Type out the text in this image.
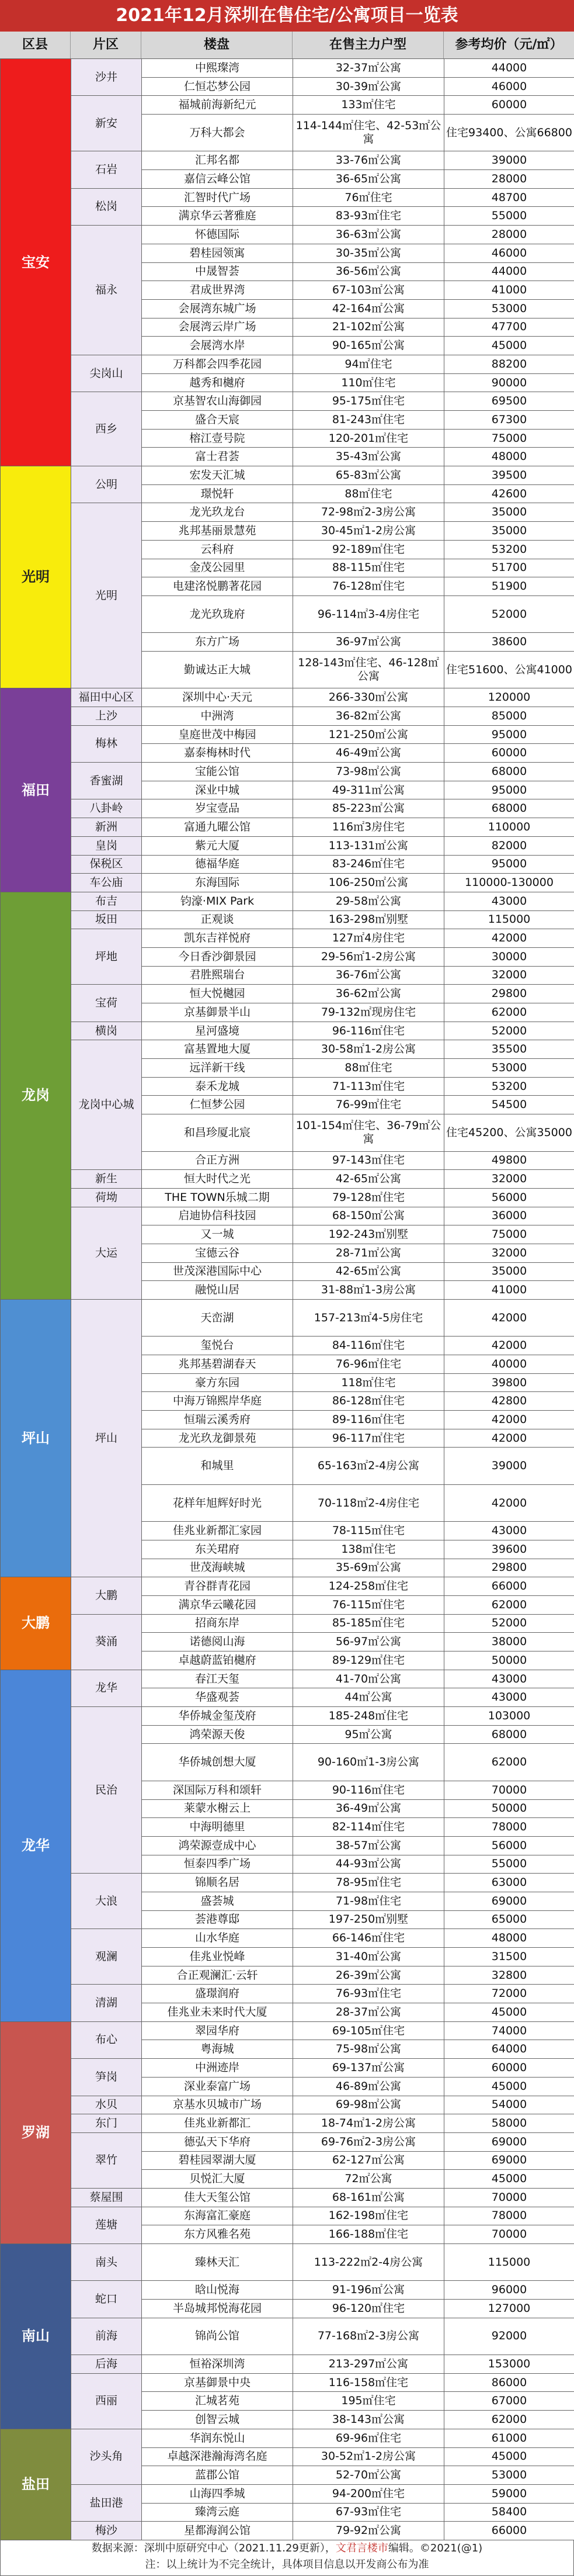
2021年12月深圳在售住宅/公寓项目一览表
区县	片区	楼盘	在售主力户型	参考均价（元/㎡）
宝安	沙井	中熙璨湾	32-37㎡公寓	44000
		仁恒芯梦公园	30-39㎡公寓	46000
	新安	福城前海新纪元	133㎡住宅	60000
		万科大都会	114-144㎡住宅、42-53㎡公寓	住宅93400、公寓66800
	石岩	汇邦名都	33-76㎡公寓	39000
		嘉信云峰公馆	36-65㎡公寓	28000
	松岗	汇智时代广场	76㎡住宅	48700
		满京华云著雅庭	83-93㎡住宅	55000
	福永	怀德国际	36-63㎡公寓	28000
		碧桂园领寓	30-35㎡公寓	46000
		中晟智荟	36-56㎡公寓	44000
		君成世界湾	67-103㎡公寓	41000
		会展湾东城广场	42-164㎡公寓	53000
		会展湾云岸广场	21-102㎡公寓	47700
		会展湾水岸	90-165㎡公寓	45000
	尖岗山	万科都会四季花园	94㎡住宅	88200
		越秀和樾府	110㎡住宅	90000
	西乡	京基智农山海御园	95-175㎡住宅	69500
		盛合天宸	81-243㎡住宅	67300
		榕江壹号院	120-201㎡住宅	75000
		富士君荟	35-43㎡公寓	48000
光明	公明	宏发天汇城	65-83㎡公寓	39500
		璟悦轩	88㎡住宅	42600
	光明	龙光玖龙台	72-98㎡2-3房公寓	35000
		兆邦基丽景慧苑	30-45㎡1-2房公寓	35000
		云科府	92-189㎡住宅	53200
		金茂公园里	88-115㎡住宅	51700
		电建洺悦鹏著花园	76-128㎡住宅	51900
		龙光玖珑府	96-114㎡3-4房住宅	52000
		东方广场	36-97㎡公寓	38600
		勤诚达正大城	128-143㎡住宅、46-128㎡公寓	住宅51600、公寓41000
福田	福田中心区	深圳中心·天元	266-330㎡公寓	120000
	上沙	中洲湾	36-82㎡公寓	85000
	梅林	皇庭世茂中梅园	121-250㎡公寓	95000
		嘉泰梅林时代	46-49㎡公寓	60000
	香蜜湖	宝能公馆	73-98㎡公寓	68000
		深业中城	49-311㎡公寓	95000
	八卦岭	岁宝壹品	85-223㎡公寓	68000
	新洲	富通九曜公馆	116㎡3房住宅	110000
	皇岗	紫元大厦	113-131㎡公寓	82000
	保税区	德福华庭	83-246㎡住宅	95000
	车公庙	东海国际	106-250㎡公寓	110000-130000
龙岗	布吉	钧濠·MIX Park	29-58㎡公寓	43000
	坂田	正观谈	163-298㎡别墅	115000
	坪地	凯东吉祥悦府	127㎡4房住宅	42000
		今日香沙御景园	29-56㎡1-2房公寓	30000
		君胜熙瑞台	36-76㎡公寓	32000
	宝荷	恒大悦樾园	36-62㎡公寓	29800
		京基御景半山	79-132㎡现房住宅	62000
	横岗	星河盛境	96-116㎡住宅	52000
	龙岗中心城	富基置地大厦	30-58㎡1-2房公寓	35500
		远洋新干线	88㎡住宅	53000
		泰禾龙城	71-113㎡住宅	53200
		仁恒梦公园	76-99㎡住宅	54500
		和昌珍厦北宸	101-154㎡住宅、36-79㎡公寓	住宅45200、公寓35000
		合正方洲	97-143㎡住宅	49800
	新生	恒大时代之光	42-65㎡公寓	32000
	荷坳	THE TOWN乐城二期	79-128㎡住宅	56000
	大运	启迪协信科技园	68-150㎡公寓	36000
		又一城	192-243㎡别墅	75000
		宝德云谷	28-71㎡公寓	32000
		世茂深港国际中心	42-65㎡公寓	35000
		融悦山居	31-88㎡1-3房公寓	41000
坪山	坪山	天峦湖	157-213㎡4-5房住宅	42000
		玺悦台	84-116㎡住宅	42000
		兆邦基碧湖春天	76-96㎡住宅	40000
		豪方东园	118㎡住宅	39800
		中海万锦熙岸华庭	86-128㎡住宅	42800
		恒瑞云溪秀府	89-116㎡住宅	42000
		龙光玖龙御景苑	96-117㎡住宅	42000
		和城里	65-163㎡2-4房公寓	39000
		花样年旭辉好时光	70-118㎡2-4房住宅	42000
		佳兆业新都汇家园	78-115㎡住宅	43000
		东关珺府	138㎡住宅	39600
		世茂海峡城	35-69㎡公寓	29800
大鹏	大鹏	青谷群青花园	124-258㎡住宅	66000
		满京华云曦花园	76-115㎡住宅	62000
	葵涌	招商东岸	85-185㎡住宅	52000
		诺德阅山海	56-97㎡公寓	38000
		卓越蔚蓝铂樾府	89-129㎡住宅	50000
龙华	龙华	春江天玺	41-70㎡公寓	43000
		华盛观荟	44㎡公寓	43000
	民治	华侨城金玺茂府	185-248㎡住宅	103000
		鸿荣源天俊	95㎡公寓	68000
		华侨城创想大厦	90-160㎡1-3房公寓	62000
		深国际万科和颂轩	90-116㎡住宅	70000
		莱蒙水榭云上	36-49㎡公寓	50000
		中海明德里	82-114㎡住宅	78000
		鸿荣源壹成中心	38-57㎡公寓	56000
		恒泰四季广场	44-93㎡公寓	55000
	大浪	锦顺名居	78-95㎡住宅	63000
		盛荟城	71-98㎡住宅	69000
		荟港尊邸	197-250㎡别墅	65000
	观澜	山水华庭	66-146㎡住宅	48000
		佳兆业悦峰	31-40㎡公寓	31500
		合正观澜汇·云轩	26-39㎡公寓	32800
	清湖	盛璟润府	76-93㎡住宅	72000
		佳兆业未来时代大厦	28-37㎡公寓	45000
罗湖	布心	翠园华府	69-105㎡住宅	74000
		粤海城	75-98㎡公寓	64000
	笋岗	中洲迹岸	69-137㎡公寓	60000
		深业泰富广场	46-89㎡公寓	45000
	水贝	京基水贝城市广场	69-98㎡公寓	54000
	东门	佳兆业新都汇	18-74㎡1-2房公寓	58000
	翠竹	德弘天下华府	69-76㎡2-3房公寓	69000
		碧桂园翠湖大厦	62-127㎡公寓	69000
		贝悦汇大厦	72㎡公寓	45000
	蔡屋围	佳大天玺公馆	68-161㎡公寓	70000
	莲塘	东海富汇豪庭	162-198㎡住宅	78000
		东方风雅名苑	166-188㎡住宅	70000
南山	南头	臻林天汇	113-222㎡2-4房公寓	115000
	蛇口	晗山悦海	91-196㎡公寓	96000
		半岛城邦悦海花园	96-120㎡住宅	127000
	前海	锦尚公馆	77-168㎡2-3房公寓	92000
	后海	恒裕深圳湾	213-297㎡公寓	153000
	西丽	京基御景中央	116-158㎡住宅	86000
		汇城茗苑	195㎡住宅	67000
		创智云城	38-143㎡公寓	62000
盐田	沙头角	华润东悦山	69-96㎡住宅	61000
		卓越深港瀚海湾名庭	30-52㎡1-2房公寓	45000
		蓝郡公馆	52-70㎡公寓	53000
	盐田港	山海四季城	94-200㎡住宅	59000
		臻湾云庭	67-93㎡住宅	58400
	梅沙	星都海润公馆	79-92㎡公寓	66000
数据来源：深圳中原研究中心（2021.11.29更新），文君言楼市编辑。©2021(@1)
注：以上统计为不完全统计，具体项目信息以开发商公布为准
